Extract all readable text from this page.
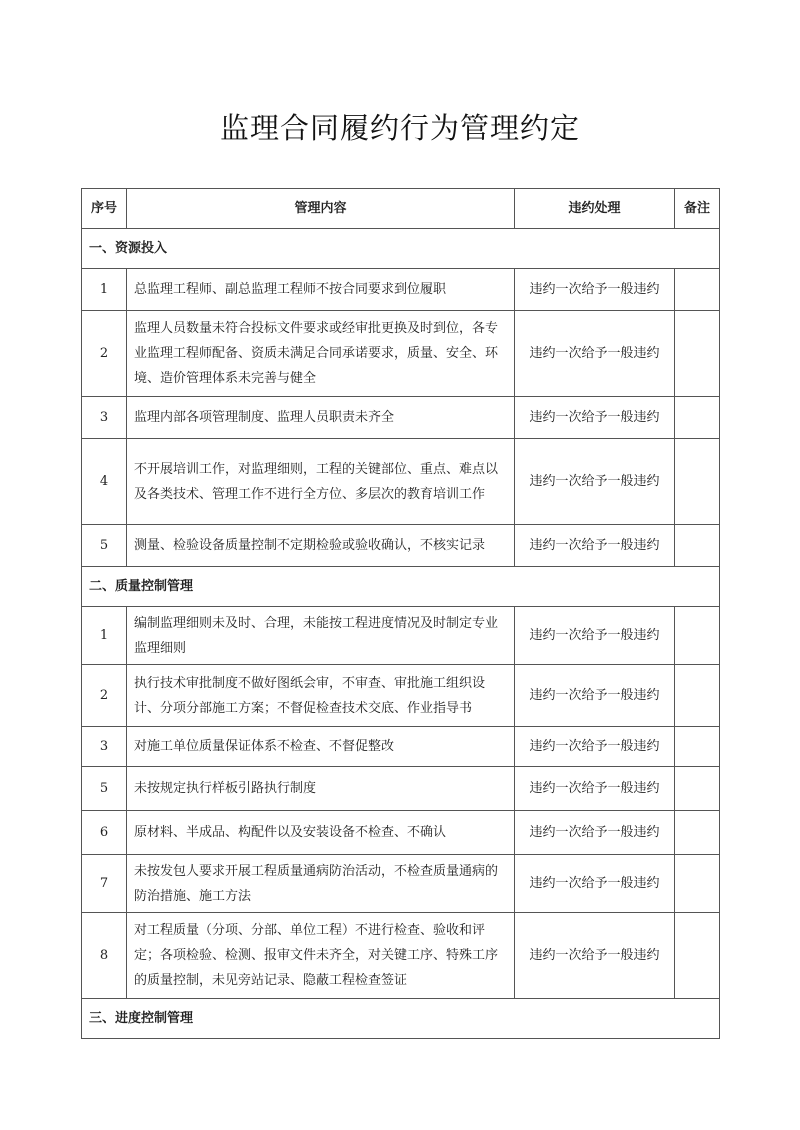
监理合同履约行为管理约定
序号	管理内容	违约处理	备注
一、资源投入			
1	总监理工程师、副总监理工程师不按合同要求到位履职	违约一次给予一般违约	
2	监理人员数量未符合投标文件要求或经审批更换及时到位，各专业监理工程师配备、资质未满足合同承诺要求，质量、安全、环境、造价管理体系未完善与健全	违约一次给予一般违约	
3	监理内部各项管理制度、监理人员职责未齐全	违约一次给予一般违约	
4	不开展培训工作，对监理细则，工程的关键部位、重点、难点以及各类技术、管理工作不进行全方位、多层次的教育培训工作	违约一次给予一般违约	
5	测量、检验设备质量控制不定期检验或验收确认，不核实记录	违约一次给予一般违约	
二、质量控制管理			
1	编制监理细则未及时、合理，未能按工程进度情况及时制定专业监理细则	违约一次给予一般违约	
2	执行技术审批制度不做好图纸会审，不审查、审批施工组织设计、分项分部施工方案；不督促检查技术交底、作业指导书	违约一次给予一般违约	
3	对施工单位质量保证体系不检查、不督促整改	违约一次给予一般违约	
5	未按规定执行样板引路执行制度	违约一次给予一般违约	
6	原材料、半成品、构配件以及安装设备不检查、不确认	违约一次给予一般违约	
7	未按发包人要求开展工程质量通病防治活动，不检查质量通病的防治措施、施工方法	违约一次给予一般违约	
8	对工程质量（分项、分部、单位工程）不进行检查、验收和评定；各项检验、检测、报审文件未齐全，对关键工序、特殊工序的质量控制，未见旁站记录、隐蔽工程检查签证	违约一次给予一般违约	
三、进度控制管理			
